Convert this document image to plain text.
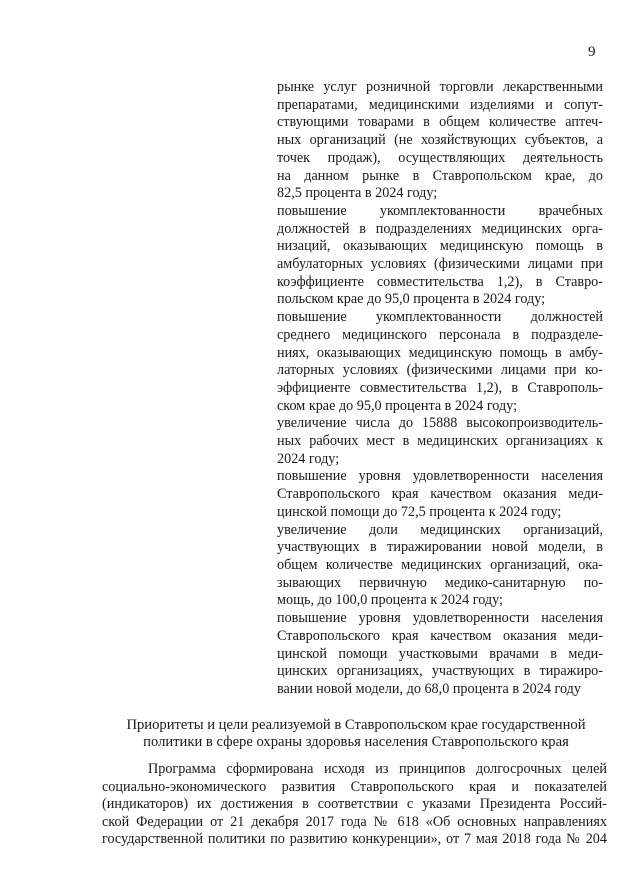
9
рынке услуг розничной торговли лекарственными
препаратами, медицинскими изделиями и сопут-
ствующими товарами в общем количестве аптеч-
ных организаций (не хозяйствующих субъектов, а
точек продаж), осуществляющих деятельность
на данном рынке в Ставропольском крае, до
82,5 процента в 2024 году;
повышение укомплектованности врачебных
должностей в подразделениях медицинских орга-
низаций, оказывающих медицинскую помощь в
амбулаторных условиях (физическими лицами при
коэффициенте совместительства 1,2), в Ставро-
польском крае до 95,0 процента в 2024 году;
повышение укомплектованности должностей
среднего медицинского персонала в подразделе-
ниях, оказывающих медицинскую помощь в амбу-
латорных условиях (физическими лицами при ко-
эффициенте совместительства 1,2), в Ставрополь-
ском крае до 95,0 процента в 2024 году;
увеличение числа до 15888 высокопроизводитель-
ных рабочих мест в медицинских организациях к
2024 году;
повышение уровня удовлетворенности населения
Ставропольского края качеством оказания меди-
цинской помощи до 72,5 процента к 2024 году;
увеличение доли медицинских организаций,
участвующих в тиражировании новой модели, в
общем количестве медицинских организаций, ока-
зывающих первичную медико-санитарную по-
мощь, до 100,0 процента к 2024 году;
повышение уровня удовлетворенности населения
Ставропольского края качеством оказания меди-
цинской помощи участковыми врачами в меди-
цинских организациях, участвующих в тиражиро-
вании новой модели, до 68,0 процента в 2024 году
Приоритеты и цели реализуемой в Ставропольском крае государственной
политики в сфере охраны здоровья населения Ставропольского края
Программа сформирована исходя из принципов долгосрочных целей
социально-экономического развития Ставропольского края и показателей
(индикаторов) их достижения в соответствии с указами Президента Россий-
ской Федерации от 21 декабря 2017 года № 618 «Об основных направлениях
государственной политики по развитию конкуренции», от 7 мая 2018 года № 204
